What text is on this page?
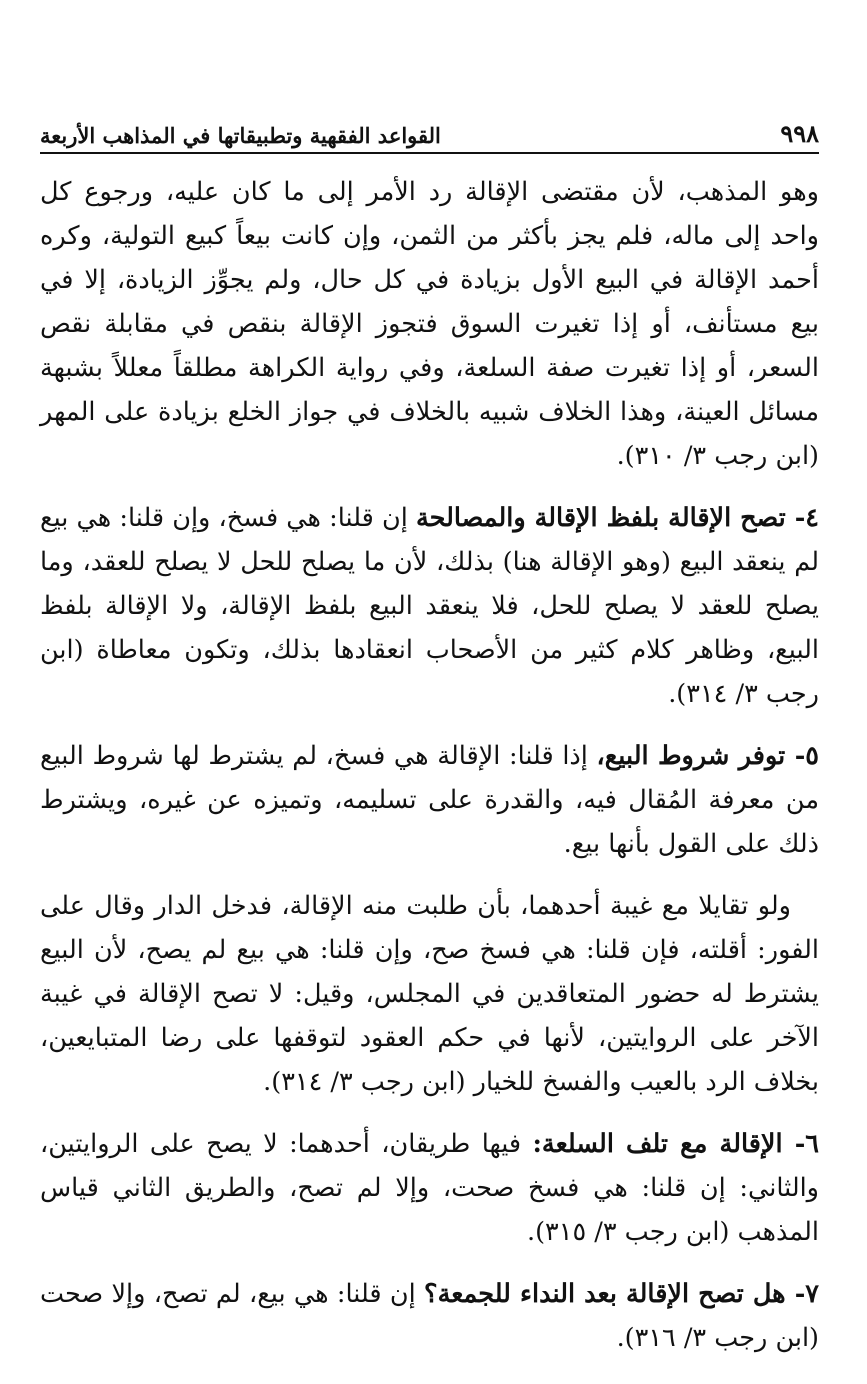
٩٩٨
القواعد الفقهية وتطبيقاتها في المذاهب الأربعة

وهو المذهب، لأن مقتضى الإقالة رد الأمر إلى ما كان عليه، ورجوع كل واحد إلى ماله، فلم يجز بأكثر من الثمن، وإن كانت بيعاً كبيع التولية، وكره أحمد الإقالة في البيع الأول بزيادة في كل حال، ولم يجوِّز الزيادة، إلا في بيع مستأنف، أو إذا تغيرت السوق فتجوز الإقالة بنقص في مقابلة نقص السعر، أو إذا تغيرت صفة السلعة، وفي رواية الكراهة مطلقاً معللاً بشبهة مسائل العينة، وهذا الخلاف شبيه بالخلاف في جواز الخلع بزيادة على المهر (ابن رجب ٣/ ٣١٠).

٤- تصح الإقالة بلفظ الإقالة والمصالحة إن قلنا: هي فسخ، وإن قلنا: هي بيع لم ينعقد البيع (وهو الإقالة هنا) بذلك، لأن ما يصلح للحل لا يصلح للعقد، وما يصلح للعقد لا يصلح للحل، فلا ينعقد البيع بلفظ الإقالة، ولا الإقالة بلفظ البيع، وظاهر كلام كثير من الأصحاب انعقادها بذلك، وتكون معاطاة (ابن رجب ٣/ ٣١٤).

٥- توفر شروط البيع، إذا قلنا: الإقالة هي فسخ، لم يشترط لها شروط البيع من معرفة المُقال فيه، والقدرة على تسليمه، وتميزه عن غيره، ويشترط ذلك على القول بأنها بيع.

ولو تقايلا مع غيبة أحدهما، بأن طلبت منه الإقالة، فدخل الدار وقال على الفور: أقلته، فإن قلنا: هي فسخ صح، وإن قلنا: هي بيع لم يصح، لأن البيع يشترط له حضور المتعاقدين في المجلس، وقيل: لا تصح الإقالة في غيبة الآخر على الروايتين، لأنها في حكم العقود لتوقفها على رضا المتبايعين، بخلاف الرد بالعيب والفسخ للخيار (ابن رجب ٣/ ٣١٤).

٦- الإقالة مع تلف السلعة: فيها طريقان، أحدهما: لا يصح على الروايتين، والثاني: إن قلنا: هي فسخ صحت، وإلا لم تصح، والطريق الثاني قياس المذهب (ابن رجب ٣/ ٣١٥).

٧- هل تصح الإقالة بعد النداء للجمعة؟ إن قلنا: هي بيع، لم تصح، وإلا صحت (ابن رجب ٣/ ٣١٦).
